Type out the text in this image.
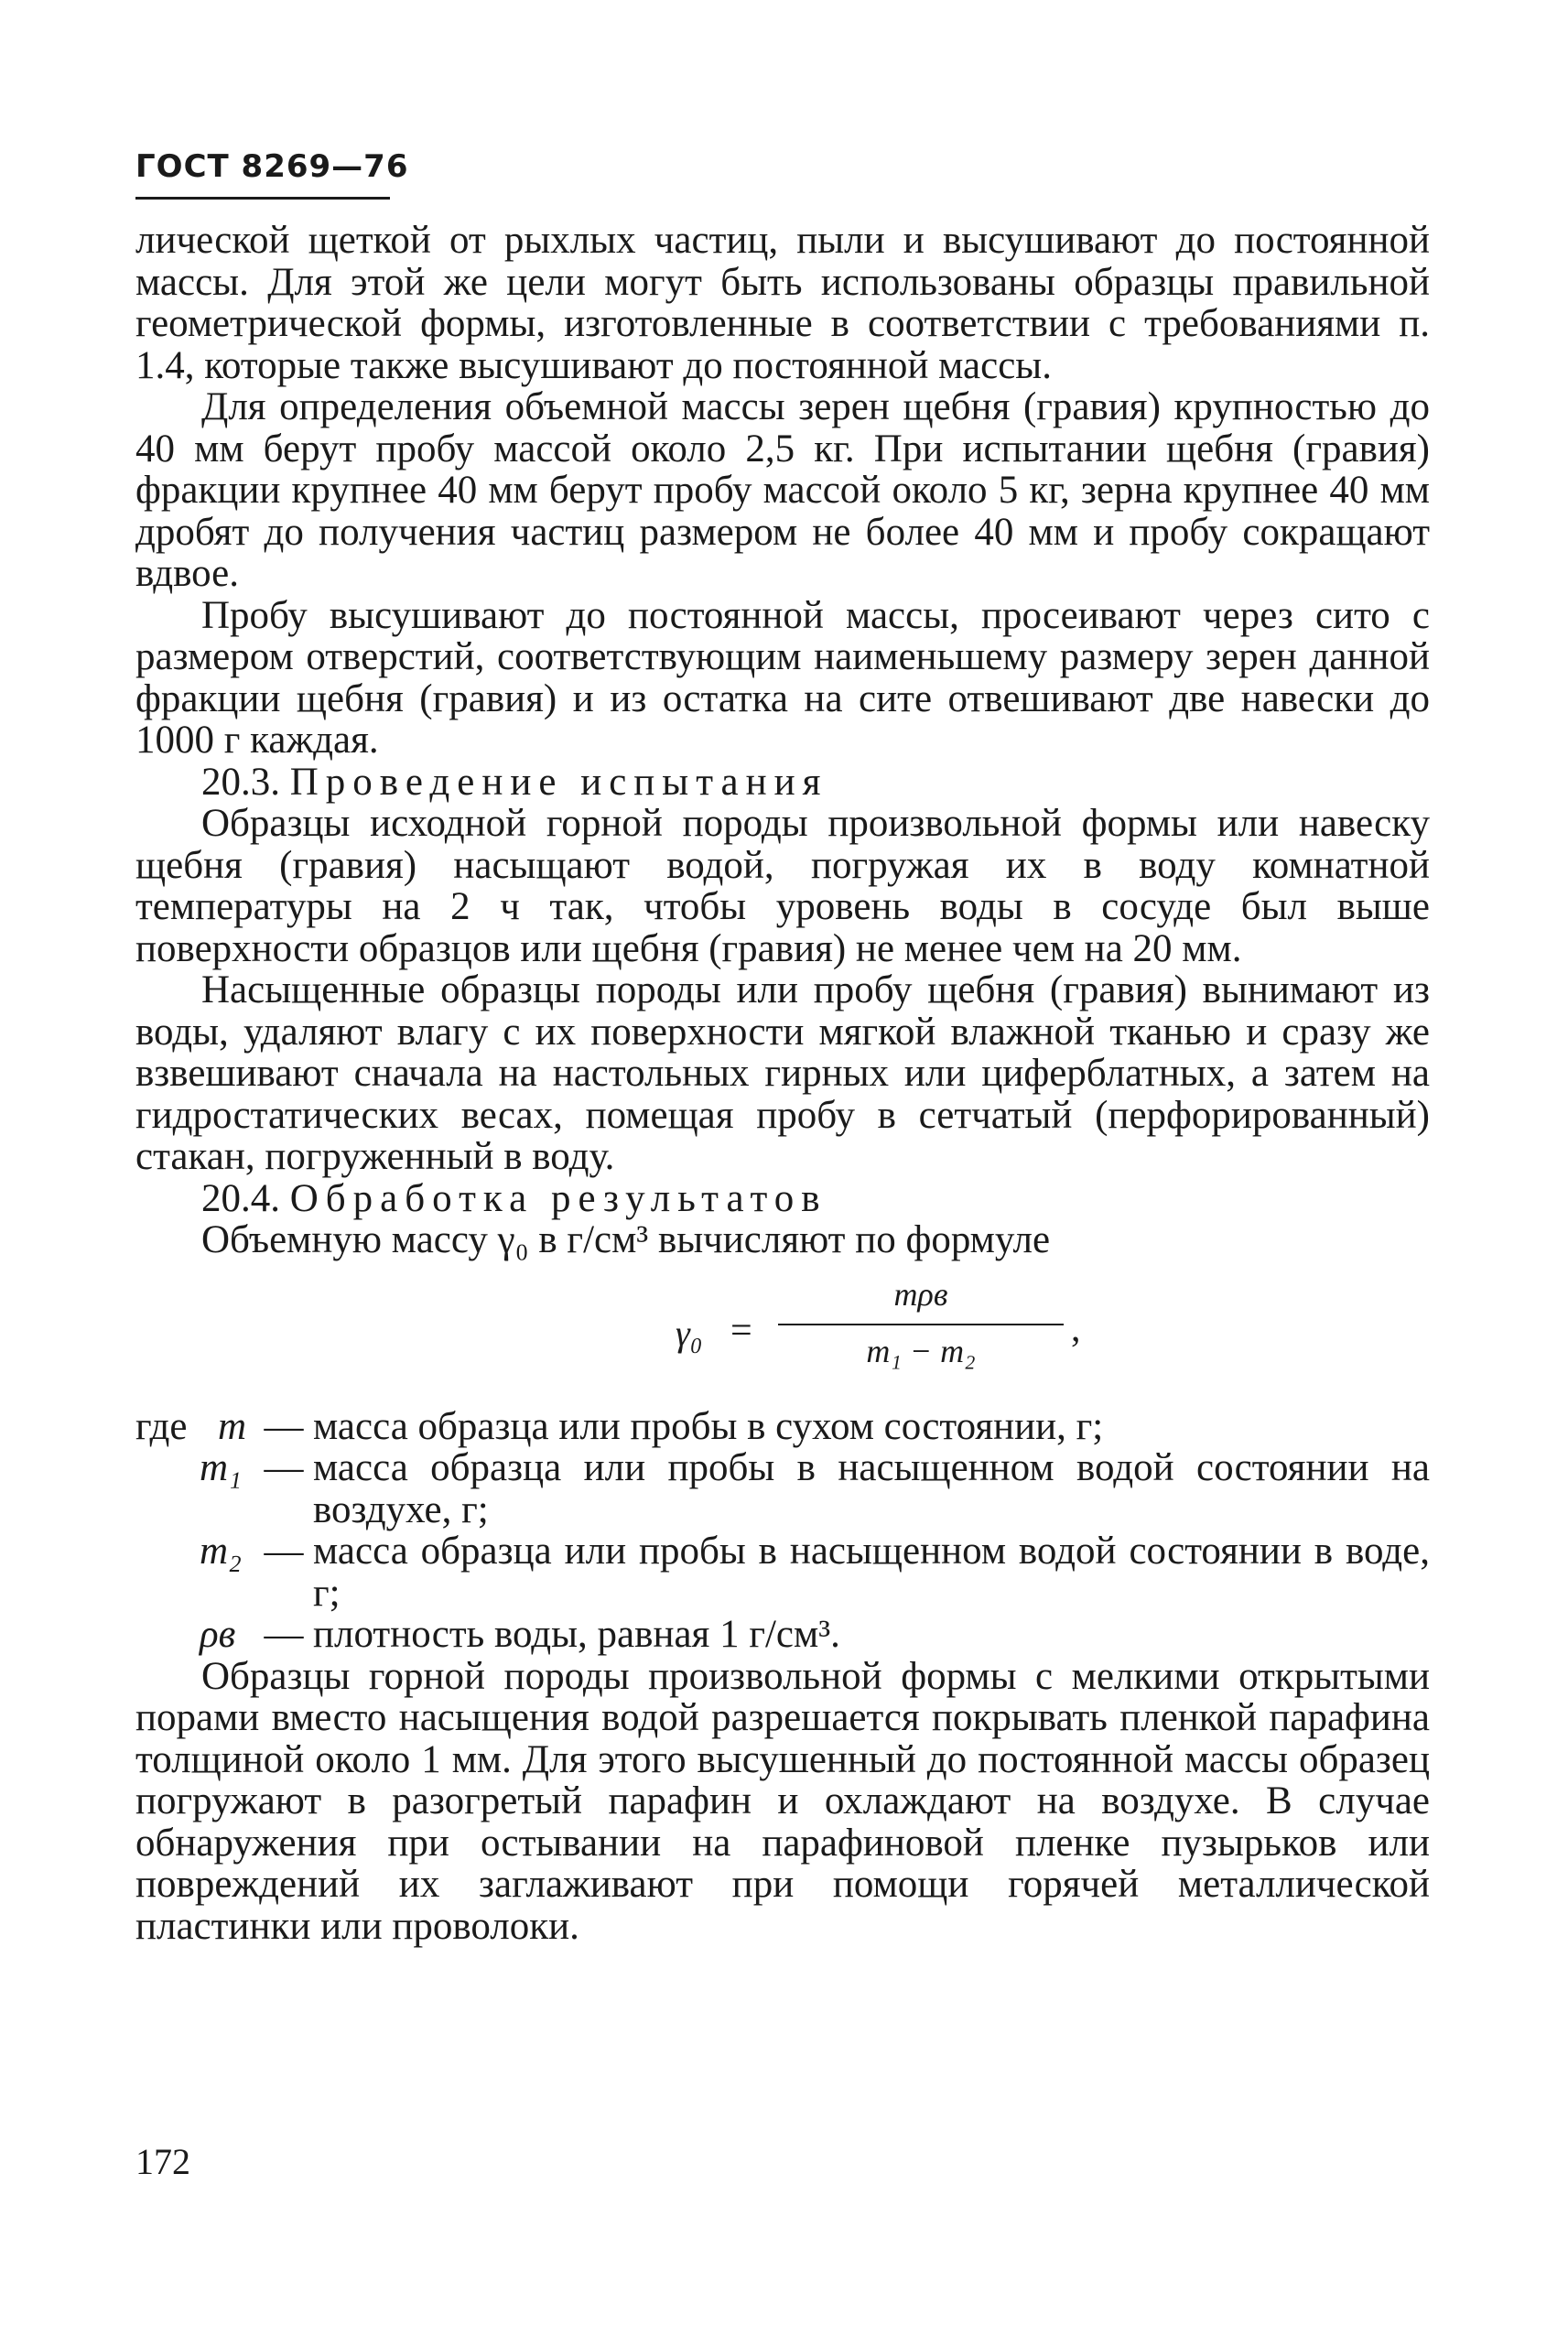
ГОСТ 8269—76

лической щеткой от рыхлых частиц, пыли и высушивают до постоянной массы. Для этой же цели могут быть использованы образцы правильной геометрической формы, изготовленные в соответствии с требованиями п. 1.4, которые также высушивают до постоянной массы.

Для определения объемной массы зерен щебня (гравия) крупностью до 40 мм берут пробу массой около 2,5 кг. При испытании щебня (гравия) фракции крупнее 40 мм берут пробу массой около 5 кг, зерна крупнее 40 мм дробят до получения частиц размером не более 40 мм и пробу сокращают вдвое.

Пробу высушивают до постоянной массы, просеивают через сито с размером отверстий, соответствующим наименьшему размеру зерен данной фракции щебня (гравия) и из остатка на сите отвешивают две навески до 1000 г каждая.

20.3. Проведение испытания

Образцы исходной горной породы произвольной формы или навеску щебня (гравия) насыщают водой, погружая их в воду комнатной температуры на 2 ч так, чтобы уровень воды в сосуде был выше поверхности образцов или щебня (гравия) не менее чем на 20 мм.

Насыщенные образцы породы или пробу щебня (гравия) вынимают из воды, удаляют влагу с их поверхности мягкой влажной тканью и сразу же взвешивают сначала на настольных гирных или циферблатных, а затем на гидростатических весах, помещая пробу в сетчатый (перфорированный) стакан, погруженный в воду.

20.4. Обработка результатов

Объемную массу γ₀ в г/см³ вычисляют по формуле

γ₀ =
mρв
m₁ − m₂
,
где m — масса образца или пробы в сухом состоянии, г;
m₁ — масса образца или пробы в насыщенном водой состоянии на воздухе, г;
m₂ — масса образца или пробы в насыщенном водой состоянии в воде, г;
ρв — плотность воды, равная 1 г/см³.

Образцы горной породы произвольной формы с мелкими открытыми порами вместо насыщения водой разрешается покрывать пленкой парафина толщиной около 1 мм. Для этого высушенный до постоянной массы образец погружают в разогретый парафин и охлаждают на воздухе. В случае обнаружения при остывании на парафиновой пленке пузырьков или повреждений их заглаживают при помощи горячей металлической пластинки или проволоки.

172
